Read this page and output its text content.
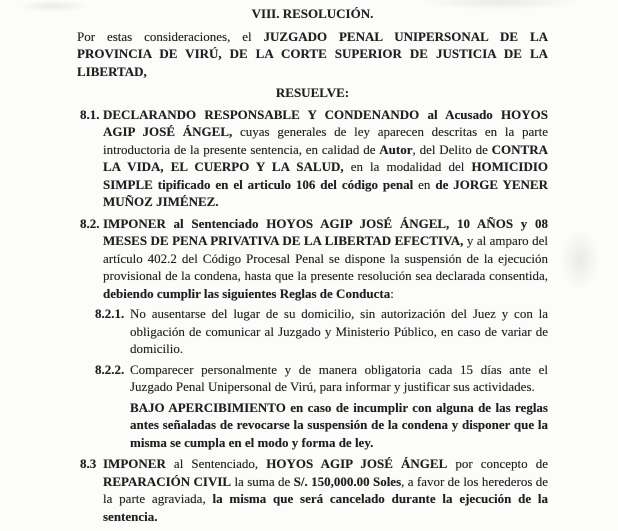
VIII. RESOLUCIÓN.
Por estas consideraciones, el JUZGADO PENAL UNIPERSONAL DE LA PROVINCIA DE VIRÚ, DE LA CORTE SUPERIOR DE JUSTICIA DE LA LIBERTAD,
RESUELVE:
8.1. DECLARANDO RESPONSABLE Y CONDENANDO al Acusado HOYOS AGIP JOSÉ ÁNGEL, cuyas generales de ley aparecen descritas en la parte introductoria de la presente sentencia, en calidad de Autor, del Delito de CONTRA LA VIDA, EL CUERPO Y LA SALUD, en la modalidad del HOMICIDIO SIMPLE tipificado en el articulo 106 del código penal en de JORGE YENER MUÑOZ JIMÉNEZ.
8.2. IMPONER al Sentenciado HOYOS AGIP JOSÉ ÁNGEL, 10 AÑOS y 08 MESES DE PENA PRIVATIVA DE LA LIBERTAD EFECTIVA, y al amparo del artículo 402.2 del Código Procesal Penal se dispone la suspensión de la ejecución provisional de la condena, hasta que la presente resolución sea declarada consentida, debiendo cumplir las siguientes Reglas de Conducta:
8.2.1. No ausentarse del lugar de su domicilio, sin autorización del Juez y con la obligación de comunicar al Juzgado y Ministerio Público, en caso de variar de domicilio.
8.2.2. Comparecer personalmente y de manera obligatoria cada 15 días ante el Juzgado Penal Unipersonal de Virú, para informar y justificar sus actividades.
BAJO APERCIBIMIENTO en caso de incumplir con alguna de las reglas antes señaladas de revocarse la suspensión de la condena y disponer que la misma se cumpla en el modo y forma de ley.
8.3 IMPONER al Sentenciado, HOYOS AGIP JOSÉ ÁNGEL por concepto de REPARACIÓN CIVIL la suma de S/. 150,000.00 Soles, a favor de los herederos de la parte agraviada, la misma que será cancelado durante la ejecución de la sentencia.
